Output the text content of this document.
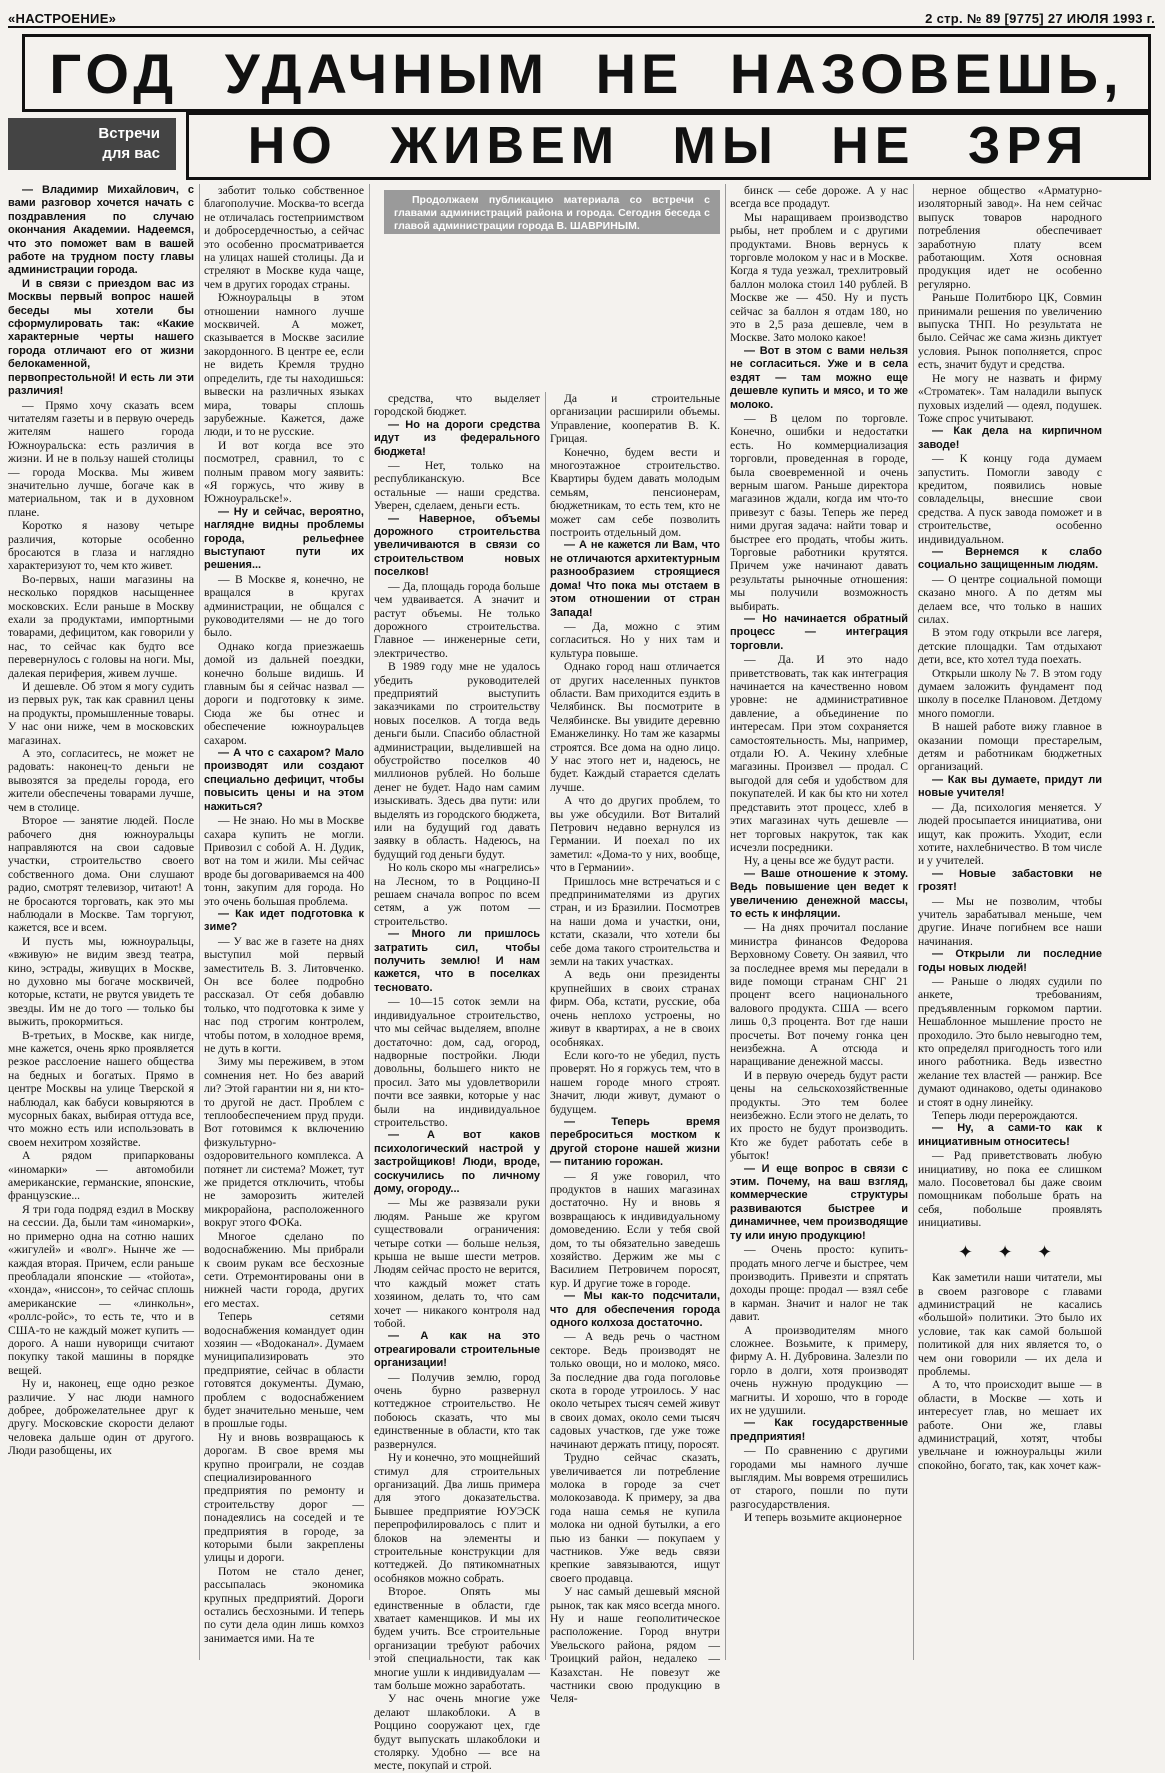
«НАСТРОЕНИЕ»	2 стр. № 89 [9775] 27 ИЮЛЯ 1993 г.
ГОД УДАЧНЫМ НЕ НАЗОВЕШЬ,
Встречи
для вас	НО ЖИВЕМ МЫ НЕ ЗРЯ
Продолжаем публикацию материала со встречи с главами администраций района и города. Сегодня беседа с главой администрации города В. ШАВРИНЫМ.

— Владимир Михайлович, с вами разговор хочется начать с поздравления по случаю окончания Академии. Надеемся, что это поможет вам в вашей работе на трудном посту главы администрации города.

И в связи с приездом вас из Москвы первый вопрос нашей беседы мы хотели бы сформулировать так: «Какие характерные черты нашего города отличают его от жизни белокаменной, первопрестольной! И есть ли эти различия!

— Прямо хочу сказать всем читателям газеты и в первую очередь жителям нашего города Южноуральска: есть различия в жизни. И не в пользу нашей столицы — города Москва. Мы живем значительно лучше, богаче как в материальном, так и в духовном плане.

Коротко я назову четыре различия, которые особенно бросаются в глаза и наглядно характеризуют то, чем кто живет.

Во-первых, наши магазины на несколько порядков насыщеннее московских. Если раньше в Москву ехали за продуктами, импортными товарами, дефицитом, как говорили у нас, то сейчас как будто все перевернулось с головы на ноги. Мы, далекая периферия, живем лучше.

И дешевле. Об этом я могу судить из первых рук, так как сравнил цены на продукты, промышленные товары. У нас они ниже, чем в московских магазинах.

А это, согласитесь, не может не радовать: наконец-то деньги не вывозятся за пределы города, его жители обеспечены товарами лучше, чем в столице.

Второе — занятие людей. После рабочего дня южноуральцы направляются на свои садовые участки, строительство своего собственного дома. Они слушают радио, смотрят телевизор, читают! А не бросаются торговать, как это мы наблюдали в Москве. Там торгуют, кажется, все и всем.

И пусть мы, южноуральцы, «вживую» не видим звезд театра, кино, эстрады, живущих в Москве, но духовно мы богаче москвичей, которые, кстати, не рвутся увидеть те звезды. Им не до того — только бы выжить, прокормиться.

В-третьих, в Москве, как нигде, мне кажется, очень ярко проявляется резкое расслоение нашего общества на бедных и богатых. Прямо в центре Москвы на улице Тверской я наблюдал, как бабуси ковыряются в мусорных баках, выбирая оттуда все, что можно есть или использовать в своем нехитром хозяйстве.

А рядом припаркованы «иномарки» — автомобили американские, германские, японские, французские...

Я три года подряд ездил в Москву на сессии. Да, были там «иномарки», но примерно одна на сотню наших «жигулей» и «волг». Нынче же — каждая вторая. Причем, если раньше преобладали японские — «тойота», «хонда», «ниссон», то сейчас сплошь американские — «линкольн», «роллс-ройс», то есть те, что и в США-то не каждый может купить — дорого. А наши нуворищи считают покупку такой машины в порядке вещей.

Ну и, наконец, еще одно резкое различие. У нас люди намного добрее, доброжелательнее друг к другу. Московские скорости делают человека дальше один от другого. Люди разобщены, их

заботит только собственное благополучие. Москва-то всегда не отличалась гостеприимством и добросердечностью, а сейчас это особенно просматривается на улицах нашей столицы. Да и стреляют в Москве куда чаще, чем в других городах страны.

Южноуральцы в этом отношении намного лучше москвичей. А может, сказывается в Москве засилие закордонного. В центре ее, если не видеть Кремля трудно определить, где ты находишься: вывески на различных языках мира, товары сплошь зарубежные. Кажется, даже люди, и то не русские.

И вот когда все это посмотрел, сравнил, то с полным правом могу заявить: «Я горжусь, что живу в Южноуральске!».

— Ну и сейчас, вероятно, наглядне видны проблемы города, рельефнее выступают пути их решения...

— В Москве я, конечно, не вращался в кругах администрации, не общался с руководителями — не до того было.

Однако когда приезжаешь домой из дальней поездки, конечно больше видишь. И главным бы я сейчас назвал — дороги и подготовку к зиме. Сюда же бы отнес и обеспечение южноуральцев сахаром.

— А что с сахаром? Мало производят или создают специально дефицит, чтобы повысить цены и на этом нажиться?

— Не знаю. Но мы в Москве сахара купить не могли. Привозил с собой А. Н. Дудик, вот на том и жили. Мы сейчас вроде бы договариваемся на 400 тонн, закупим для города. Но это очень большая проблема.

— Как идет подготовка к зиме?

— У вас же в газете на днях выступил мой первый заместитель В. З. Литовченко. Он все более подробно рассказал. От себя добавлю только, что подготовка к зиме у нас под строгим контролем, чтобы потом, в холодное время, не дуть в когти.

Зиму мы переживем, в этом сомнения нет. Но без аварий ли? Этой гарантии ни я, ни кто-то другой не даст. Проблем с теплообеспечением пруд пруди. Вот готовимся к включению физкультурно-оздоровительного комплекса. А потянет ли система? Может, тут же придется отключить, чтобы не заморозить жителей микрорайона, расположенного вокруг этого ФОКа.

Многое сделано по водоснабжению. Мы прибрали к своим рукам все бесхозные сети. Отремонтированы они в нижней части города, других его местах.

Теперь сетями водоснабжения командует один хозяин — «Водоканал». Думаем муниципализировать это предприятие, сейчас в области готовятся документы. Думаю, проблем с водоснабжением будет значительно меньше, чем в прошлые годы.

Ну и вновь возвращаюсь к дорогам. В свое время мы крупно проиграли, не создав специализированного предприятия по ремонту и строительству дорог — понадеялись на соседей и те предприятия в городе, за которыми были закреплены улицы и дороги.

Потом не стало денег, рассыпалась экономика крупных предприятий. Дороги остались бесхозными. И теперь по сути дела один лишь комхоз занимается ими. На те

средства, что выделяет городской бюджет.

— Но на дороги средства идут из федерального бюджета!

— Нет, только на республиканскую. Все остальные — наши средства. Уверен, сделаем, деньги есть.

— Наверное, объемы дорожного строительства увеличиваются в связи со строительством новых поселков!

— Да, площадь города больше чем удваивается. А значит и растут объемы. Не только дорожного строительства. Главное — инженерные сети, электричество.

В 1989 году мне не удалось убедить руководителей предприятий выступить заказчиками по строительству новых поселков. А тогда ведь деньги были. Спасибо областной администрации, выделившей на обустройство поселков 40 миллионов рублей. Но больше денег не будет. Надо нам самим изыскивать. Здесь два пути: или выделять из городского бюджета, или на будущий год давать заявку в область. Надеюсь, на будущий год деньги будут.

Но коль скоро мы «нагрелись» на Лесном, то в Роццино-II решаем сначала вопрос по всем сетям, а уж потом — строительство.

— Много ли пришлось затратить сил, чтобы получить землю! И нам кажется, что в поселках тесновато.

— 10—15 соток земли на индивидуальное строительство, что мы сейчас выделяем, вполне достаточно: дом, сад, огород, надворные постройки. Люди довольны, большего никто не просил. Зато мы удовлетворили почти все заявки, которые у нас были на индивидуальное строительство.

— А вот каков психологический настрой у застройщиков! Люди, вроде, соскучились по личному дому, огороду...

— Мы же развязали руки людям. Раньше же кругом существовали ограничения: четыре сотки — больше нельзя, крыша не выше шести метров. Людям сейчас просто не верится, что каждый может стать хозяином, делать то, что сам хочет — никакого контроля над тобой.

— А как на это отреагировали строительные организации!

— Получив землю, город очень бурно развернул коттеджное строительство. Не побоюсь сказать, что мы единственные в области, кто так развернулся.

Ну и конечно, это мощнейший стимул для строительных организаций. Два лишь примера для этого доказательства. Бывшее предприятие ЮУЭСК перепрофилировалось с плит и блоков на элементы и строительные конструкции для коттеджей. До пятикомнатных особняков можно собрать.

Второе. Опять мы единственные в области, где хватает каменщиков. И мы их будем учить. Все строительные организации требуют рабочих этой специальности, так как многие ушли к индивидуалам — там больше можно заработать.

У нас очень многие уже делают шлакоблоки. А в Роццино сооружают цех, где будут выпускать шлакоблоки и столярку. Удобно — все на месте, покупай и строй.

Да и строительные организации расширили объемы. Управление, кооператив В. К. Грицая.

Конечно, будем вести и многоэтажное строительство. Квартиры будем давать молодым семьям, пенсионерам, бюджетникам, то есть тем, кто не может сам себе позволить построить отдельный дом.

— А не кажется ли Вам, что не отличаются архитектурным разнообразием строящиеся дома! Что пока мы отстаем в этом отношении от стран Запада!

— Да, можно с этим согласиться. Но у них там и культура повыше.

Однако город наш отличается от других населенных пунктов области. Вам приходится ездить в Челябинск. Вы посмотрите в Челябинске. Вы увидите деревню Еманжелинку. Но там же казармы строятся. Все дома на одно лицо. У нас этого нет и, надеюсь, не будет. Каждый старается сделать лучше.

А что до других проблем, то вы уже обсудили. Вот Виталий Петрович недавно вернулся из Германии. И поехал по их заметил: «Дома-то у них, вообще, что в Германии».

Пришлось мне встречаться и с предпринимателями из других стран, и из Бразилии. Посмотрев на наши дома и участки, они, кстати, сказали, что хотели бы себе дома такого строительства и земли на таких участках.

А ведь они президенты крупнейших в своих странах фирм. Оба, кстати, русские, оба очень неплохо устроены, но живут в квартирах, а не в своих особняках.

Если кого-то не убедил, пусть проверят. Но я горжусь тем, что в нашем городе много строят. Значит, люди живут, думают о будущем.

— Теперь время переброситься мостком к другой стороне нашей жизни — питанию горожан.

— Я уже говорил, что продуктов в наших магазинах достаточно. Ну и вновь я возвращаюсь к индивидуальному домоведению. Если у тебя свой дом, то ты обязательно заведешь хозяйство. Держим же мы с Василием Петровичем поросят, кур. И другие тоже в городе.

— Мы как-то подсчитали, что для обеспечения города одного колхоза достаточно.

— А ведь речь о частном секторе. Ведь производят не только овощи, но и молоко, мясо. За последние два года поголовье скота в городе утроилось. У нас около четырех тысяч семей живут в своих домах, около семи тысяч садовых участков, где уже тоже начинают держать птицу, поросят.

Трудно сейчас сказать, увеличивается ли потребление молока в городе за счет молокозавода. К примеру, за два года наша семья не купила молока ни одной бутылки, а его пью из банки — покупаем у частников. Уже ведь связи крепкие завязываются, ищут своего продавца.

У нас самый дешевый мясной рынок, так как мясо всегда много. Ну и наше геополитическое расположение. Город внутри Увельского района, рядом — Троицкий район, недалеко — Казахстан. Не повезут же частники свою продукцию в Челя-

бинск — себе дороже. А у нас всегда все продадут.

Мы наращиваем производство рыбы, нет проблем и с другими продуктами. Вновь вернусь к торговле молоком у нас и в Москве. Когда я туда уезжал, трехлитровый баллон молока стоил 140 рублей. В Москве же — 450. Ну и пусть сейчас за баллон я отдам 180, но это в 2,5 раза дешевле, чем в Москве. Зато молоко какое!

— Вот в этом с вами нельзя не согласиться. Уже и в села ездят — там можно еще дешевле купить и мясо, и то же молоко.

— В целом по торговле. Конечно, ошибки и недостатки есть. Но коммерциализация торговли, проведенная в городе, была своевременной и очень верным шагом. Раньше директора магазинов ждали, когда им что-то привезут с базы. Теперь же перед ними другая задача: найти товар и быстрее его продать, чтобы жить. Торговые работники крутятся. Причем уже начинают давать результаты рыночные отношения: мы получили возможность выбирать.

— Но начинается обратный процесс — интеграция торговли.

— Да. И это надо приветствовать, так как интеграция начинается на качественно новом уровне: не административное давление, а объединение по интересам. При этом сохраняется самостоятельность. Мы, например, отдали Ю. А. Чекину хлебные магазины. Произвел — продал. С выгодой для себя и удобством для покупателей. И как бы кто ни хотел представить этот процесс, хлеб в этих магазинах чуть дешевле — нет торговых накруток, так как исчезли посредники.

Ну, а цены все же будут расти.

— Ваше отношение к этому. Ведь повышение цен ведет к увеличению денежной массы, то есть к инфляции.

— На днях прочитал послание министра финансов Федорова Верховному Совету. Он заявил, что за последнее время мы передали в виде помощи странам СНГ 21 процент всего национального валового продукта. США — всего лишь 0,3 процента. Вот где наши просчеты. Вот почему гонка цен неизбежна. А отсюда и наращивание денежной массы.

И в первую очередь будут расти цены на сельскохозяйственные продукты. Это тем более неизбежно. Если этого не делать, то их просто не будут производить. Кто же будет работать себе в убыток!

— И еще вопрос в связи с этим. Почему, на ваш взгляд, коммерческие структуры развиваются быстрее и динамичнее, чем производящие ту или иную продукцию!

— Очень просто: купить-продать много легче и быстрее, чем производить. Привезти и спрятать доходы проще: продал — взял себе в карман. Значит и налог не так давит.

А производителям много сложнее. Возьмите, к примеру, фирму А. Н. Дубровина. Залезли по горло в долги, хотя производят очень нужную продукцию — магниты. И хорошо, что в городе их не удушили.

— Как государственные предприятия!

— По сравнению с другими городами мы намного лучше выглядим. Мы вовремя отрешились от старого, пошли по пути разгосударствления.

И теперь возьмите акционерное

нерное общество «Арматурно-изоляторный завод». На нем сейчас выпуск товаров народного потребления обеспечивает заработную плату всем работающим. Хотя основная продукция идет не особенно регулярно.

Раньше Политбюро ЦК, Совмин принимали решения по увеличению выпуска ТНП. Но результата не было. Сейчас же сама жизнь диктует условия. Рынок пополняется, спрос есть, значит будут и средства.

Не могу не назвать и фирму «Строматек». Там наладили выпуск пуховых изделий — одеял, подушек. Тоже спрос учитывают.

— Как дела на кирпичном заводе!

— К концу года думаем запустить. Помогли заводу с кредитом, появились новые совладельцы, внесшие свои средства. А пуск завода поможет и в строительстве, особенно индивидуальном.

— Вернемся к слабо социально защищенным людям.

— О центре социальной помощи сказано много. А по детям мы делаем все, что только в наших силах.

В этом году открыли все лагеря, детские площадки. Там отдыхают дети, все, кто хотел туда поехать.

Открыли школу № 7. В этом году думаем заложить фундамент под школу в поселке Плановом. Детдому много помогли.

В нашей работе вижу главное в оказании помощи престарелым, детям и работникам бюджетных организаций.

— Как вы думаете, придут ли новые учителя!

— Да, психология меняется. У людей просыпается инициатива, они ищут, как прожить. Уходит, если хотите, нахлебничество. В том числе и у учителей.

— Новые забастовки не грозят!

— Мы не позволим, чтобы учитель зарабатывал меньше, чем другие. Иначе погибнем все наши начинания.

— Открыли ли последние годы новых людей!

— Раньше о людях судили по анкете, требованиям, предъявленным горкомом партии. Нешаблонное мышление просто не проходило. Это было невыгодно тем, кто определял пригодность того или иного работника. Ведь известно желание тех властей — ранжир. Все думают одинаково, одеты одинаково и стоят в одну линейку.

Теперь люди перерождаются.

— Ну, а сами-то как к инициативным относитесь!

— Рад приветствовать любую инициативу, но пока ее слишком мало. Посоветовал бы даже своим помощникам побольше брать на себя, побольше проявлять инициативы.

✦ ✦ ✦

Как заметили наши читатели, мы в своем разговоре с главами администраций не касались «большой» политики. Это было их условие, так как самой большой политикой для них является то, о чем они говорили — их дела и проблемы.

А то, что происходит выше — в области, в Москве — хоть и интересует глав, но мешает их работе. Они же, главы администраций, хотят, чтобы увельчане и южноуральцы жили спокойно, богато, так, как хочет каж-
